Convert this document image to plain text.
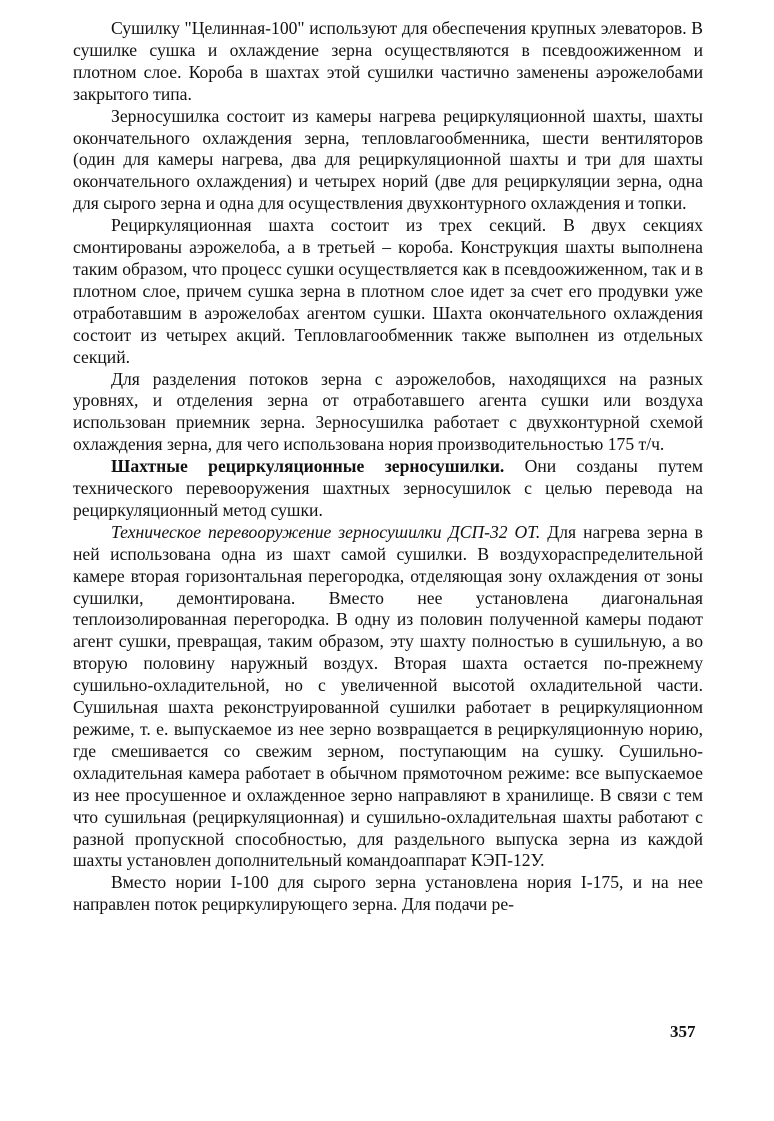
Сушилку "Целинная-100" используют для обеспечения крупных элеваторов. В сушилке сушка и охлаждение зерна осуществляются в псевдоожиженном и плотном слое. Короба в шахтах этой сушилки частично заменены аэрожелобами закрытого типа.

Зерносушилка состоит из камеры нагрева рециркуляционной шахты, шахты окончательного охлаждения зерна, тепловлагообменника, шести вентиляторов (один для камеры нагрева, два для рециркуляционной шахты и три для шахты окончательного охлаждения) и четырех норий (две для рециркуляции зерна, одна для сырого зерна и одна для осуществления двухконтурного охлаждения и топки.

Рециркуляционная шахта состоит из трех секций. В двух секциях смонтированы аэрожелоба, а в третьей – короба. Конструкция шахты выполнена таким образом, что процесс сушки осуществляется как в псевдоожиженном, так и в плотном слое, причем сушка зерна в плотном слое идет за счет его продувки уже отработавшим в аэрожелобах агентом сушки. Шахта окончательного охлаждения состоит из четырех акций. Тепловлагообменник также выполнен из отдельных секций.

Для разделения потоков зерна с аэрожелобов, находящихся на разных уровнях, и отделения зерна от отработавшего агента сушки или воздуха использован приемник зерна. Зерносушилка работает с двухконтурной схемой охлаждения зерна, для чего использована нория производительностью 175 т/ч.

Шахтные рециркуляционные зерносушилки. Они созданы путем технического перевооружения шахтных зерносушилок с целью перевода на рециркуляционный метод сушки.

Техническое перевооружение зерносушилки ДСП-32 ОТ. Для нагрева зерна в ней использована одна из шахт самой сушилки. В воздухораспределительной камере вторая горизонтальная перегородка, отделяющая зону охлаждения от зоны сушилки, демонтирована. Вместо нее установлена диагональная теплоизолированная перегородка. В одну из половин полученной камеры подают агент сушки, превращая, таким образом, эту шахту полностью в сушильную, а во вторую половину наружный воздух. Вторая шахта остается по-прежнему сушильно-охладительной, но с увеличенной высотой охладительной части. Сушильная шахта реконструированной сушилки работает в рециркуляционном режиме, т. е. выпускаемое из нее зерно возвращается в рециркуляционную норию, где смешивается со свежим зерном, поступающим на сушку. Сушильно-охладительная камера работает в обычном прямоточном режиме: все выпускаемое из нее просушенное и охлажденное зерно направляют в хранилище. В связи с тем что сушильная (рециркуляционная) и сушильно-охладительная шахты работают с разной пропускной способностью, для раздельного выпуска зерна из каждой шахты установлен дополнительный командоаппарат КЭП-12У.

Вместо нории I-100 для сырого зерна установлена нория I-175, и на нее направлен поток рециркулирующего зерна. Для подачи ре-

357
